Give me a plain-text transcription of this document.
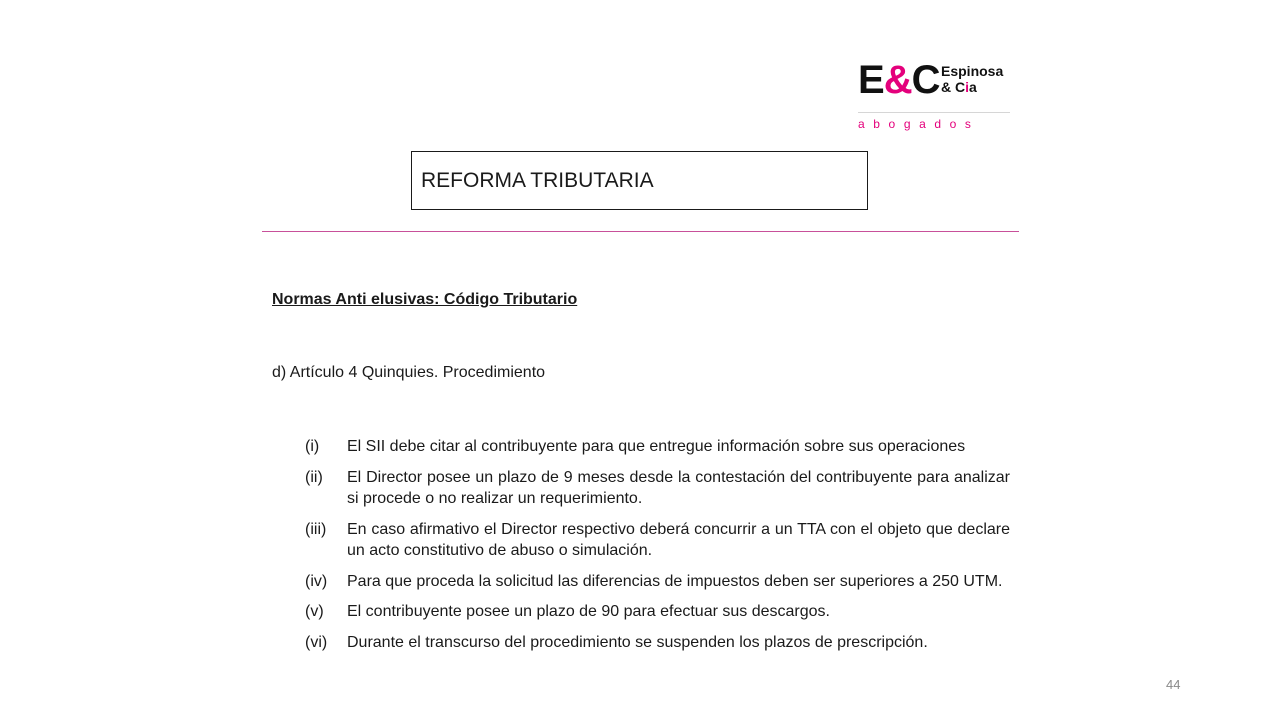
E&C Espinosa
& Cia
abogados
REFORMA TRIBUTARIA
Normas Anti elusivas: Código Tributario
d) Artículo 4 Quinquies. Procedimiento
(i)	El SII debe citar al contribuyente para que entregue información sobre sus operaciones
(ii)	El Director posee un plazo de 9 meses desde la contestación del contribuyente para analizar si procede o no realizar un requerimiento.
(iii)	En caso afirmativo el Director respectivo deberá concurrir a un TTA con el objeto que declare un acto constitutivo de abuso o simulación.
(iv)	Para que proceda la solicitud las diferencias de impuestos deben ser superiores a 250 UTM.
(v)	El contribuyente posee un plazo de 90 para efectuar sus descargos.
(vi)	Durante el transcurso del procedimiento se suspenden los plazos de prescripción.
44
